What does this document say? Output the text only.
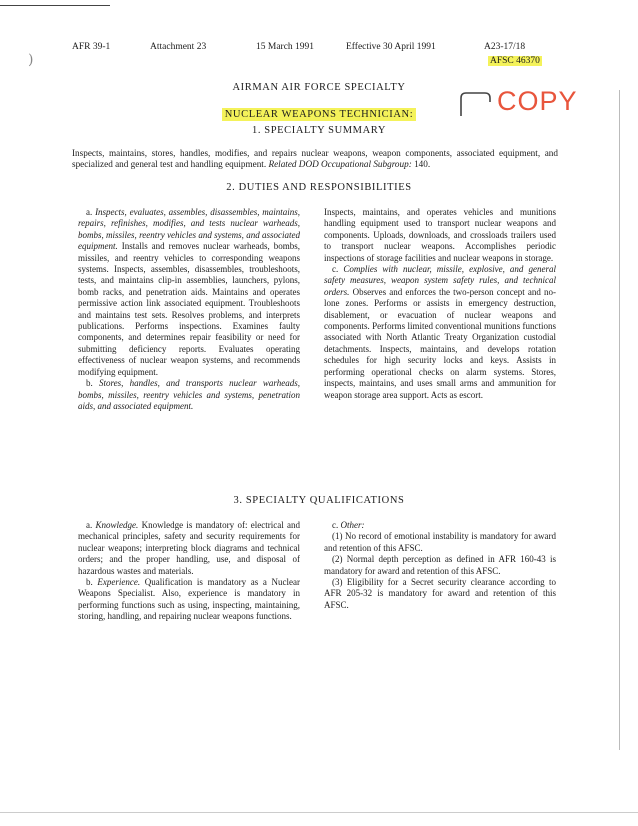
)
AFR 39-1	Attachment 23	15 March 1991	Effective 30 April 1991	A23-17/18
AFSC 46370
AIRMAN AIR FORCE SPECIALTY
NUCLEAR WEAPONS TECHNICIAN:	COPY
1. SPECIALTY SUMMARY
Inspects, maintains, stores, handles, modifies, and repairs nuclear weapons, weapon components, associated equipment, and specialized and general test and handling equipment. Related DOD Occupational Subgroup: 140.
2. DUTIES AND RESPONSIBILITIES

a. Inspects, evaluates, assembles, disassembles, maintains, repairs, refinishes, modifies, and tests nuclear warheads, bombs, missiles, reentry vehicles and systems, and associated equipment. Installs and removes nuclear warheads, bombs, missiles, and reentry vehicles to corresponding weapons systems. Inspects, assembles, disassembles, troubleshoots, tests, and maintains clip-in assemblies, launchers, pylons, bomb racks, and penetration aids. Maintains and operates permissive action link associated equipment. Troubleshoots and maintains test sets. Resolves problems, and interprets publications. Performs inspections. Examines faulty components, and determines repair feasibility or need for submitting deficiency reports. Evaluates operating effectiveness of nuclear weapon systems, and recommends modifying equipment.

b. Stores, handles, and transports nuclear warheads, bombs, missiles, reentry vehicles and systems, penetration aids, and associated equipment.

Inspects, maintains, and operates vehicles and munitions handling equipment used to transport nuclear weapons and components. Uploads, downloads, and crossloads trailers used to transport nuclear weapons. Accomplishes periodic inspections of storage facilities and nuclear weapons in storage.

c. Complies with nuclear, missile, explosive, and general safety measures, weapon system safety rules, and technical orders. Observes and enforces the two-person concept and no-lone zones. Performs or assists in emergency destruction, disablement, or evacuation of nuclear weapons and components. Performs limited conventional munitions functions associated with North Atlantic Treaty Organization custodial detachments. Inspects, maintains, and develops rotation schedules for high security locks and keys. Assists in performing operational checks on alarm systems. Stores, inspects, maintains, and uses small arms and ammunition for weapon storage area support. Acts as escort.

3. SPECIALTY QUALIFICATIONS

a. Knowledge. Knowledge is mandatory of: electrical and mechanical principles, safety and security requirements for nuclear weapons; interpreting block diagrams and technical orders; and the proper handling, use, and disposal of hazardous wastes and materials.

b. Experience. Qualification is mandatory as a Nuclear Weapons Specialist. Also, experience is mandatory in performing functions such as using, inspecting, maintaining, storing, handling, and repairing nuclear weapons functions.

c. Other:

(1) No record of emotional instability is mandatory for award and retention of this AFSC.

(2) Normal depth perception as defined in AFR 160-43 is mandatory for award and retention of this AFSC.

(3) Eligibility for a Secret security clearance according to AFR 205-32 is mandatory for award and retention of this AFSC.
